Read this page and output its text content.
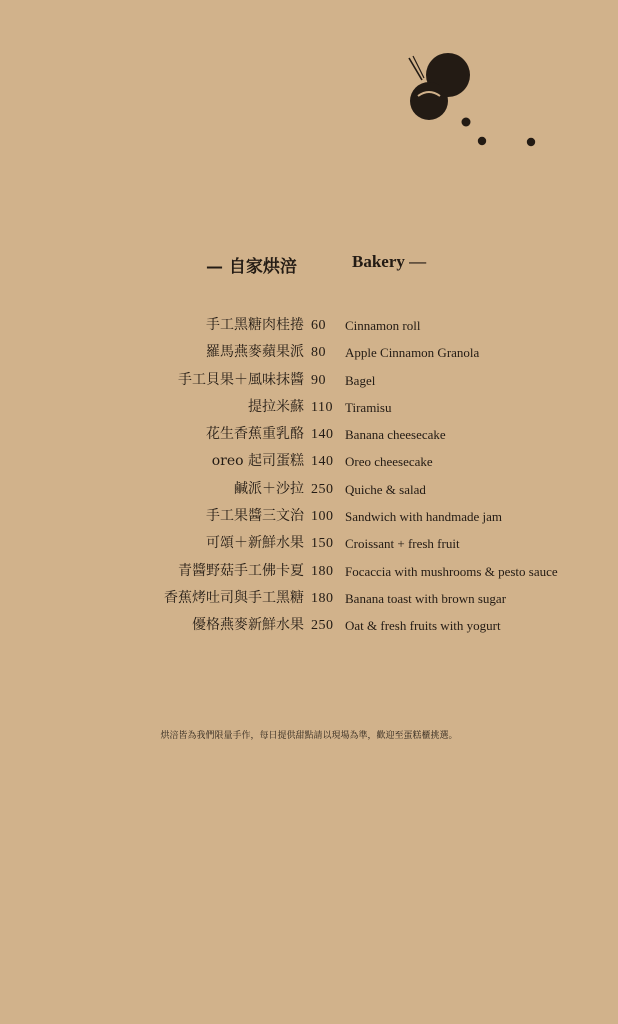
— 自家烘涪	Bakery —
手工黑糖肉桂捲 60 Cinnamon roll
羅馬燕麥蘋果派 80 Apple Cinnamon Granola
手工貝果＋風味抹醬 90 Bagel
提拉米蘇 110 Tiramisu
花生香蕉重乳酪 140 Banana cheesecake
oreo 起司蛋糕 140 Oreo cheesecake
鹹派＋沙拉 250 Quiche & salad
手工果醬三文治 100 Sandwich with handmade jam
可頌＋新鮮水果 150 Croissant + fresh fruit
青醬野菇手工佛卡夏 180 Focaccia with mushrooms & pesto sauce
香蕉烤吐司與手工黑糖 180 Banana toast with brown sugar
優格燕麥新鮮水果 250 Oat & fresh fruits with yogurt
烘涪皆為我們限量手作，每日提供甜點請以現場為準，歡迎至蛋糕櫃挑選。
